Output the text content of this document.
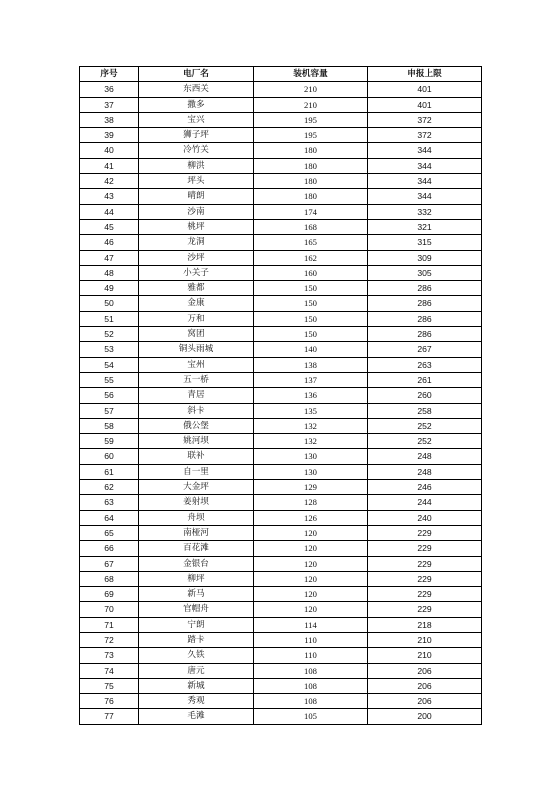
序号	电厂名	装机容量	申报上限
36	东西关	210	401
37	撒多	210	401
38	宝兴	195	372
39	狮子坪	195	372
40	冷竹关	180	344
41	柳洪	180	344
42	坪头	180	344
43	晴朗	180	344
44	沙南	174	332
45	桃坪	168	321
46	龙洞	165	315
47	沙坪	162	309
48	小关子	160	305
49	雅都	150	286
50	金康	150	286
51	万和	150	286
52	窝团	150	286
53	铜头雨城	140	267
54	宝州	138	263
55	五一桥	137	261
56	青居	136	260
57	斜卡	135	258
58	俄公堡	132	252
59	姚河坝	132	252
60	联补	130	248
61	自一里	130	248
62	大金坪	129	246
63	姜射坝	128	244
64	舟坝	126	240
65	南桠河	120	229
66	百花滩	120	229
67	金银台	120	229
68	柳坪	120	229
69	新马	120	229
70	官帽舟	120	229
71	宁朗	114	218
72	踏卡	110	210
73	久铁	110	210
74	唐元	108	206
75	新城	108	206
76	秀观	108	206
77	毛滩	105	200
